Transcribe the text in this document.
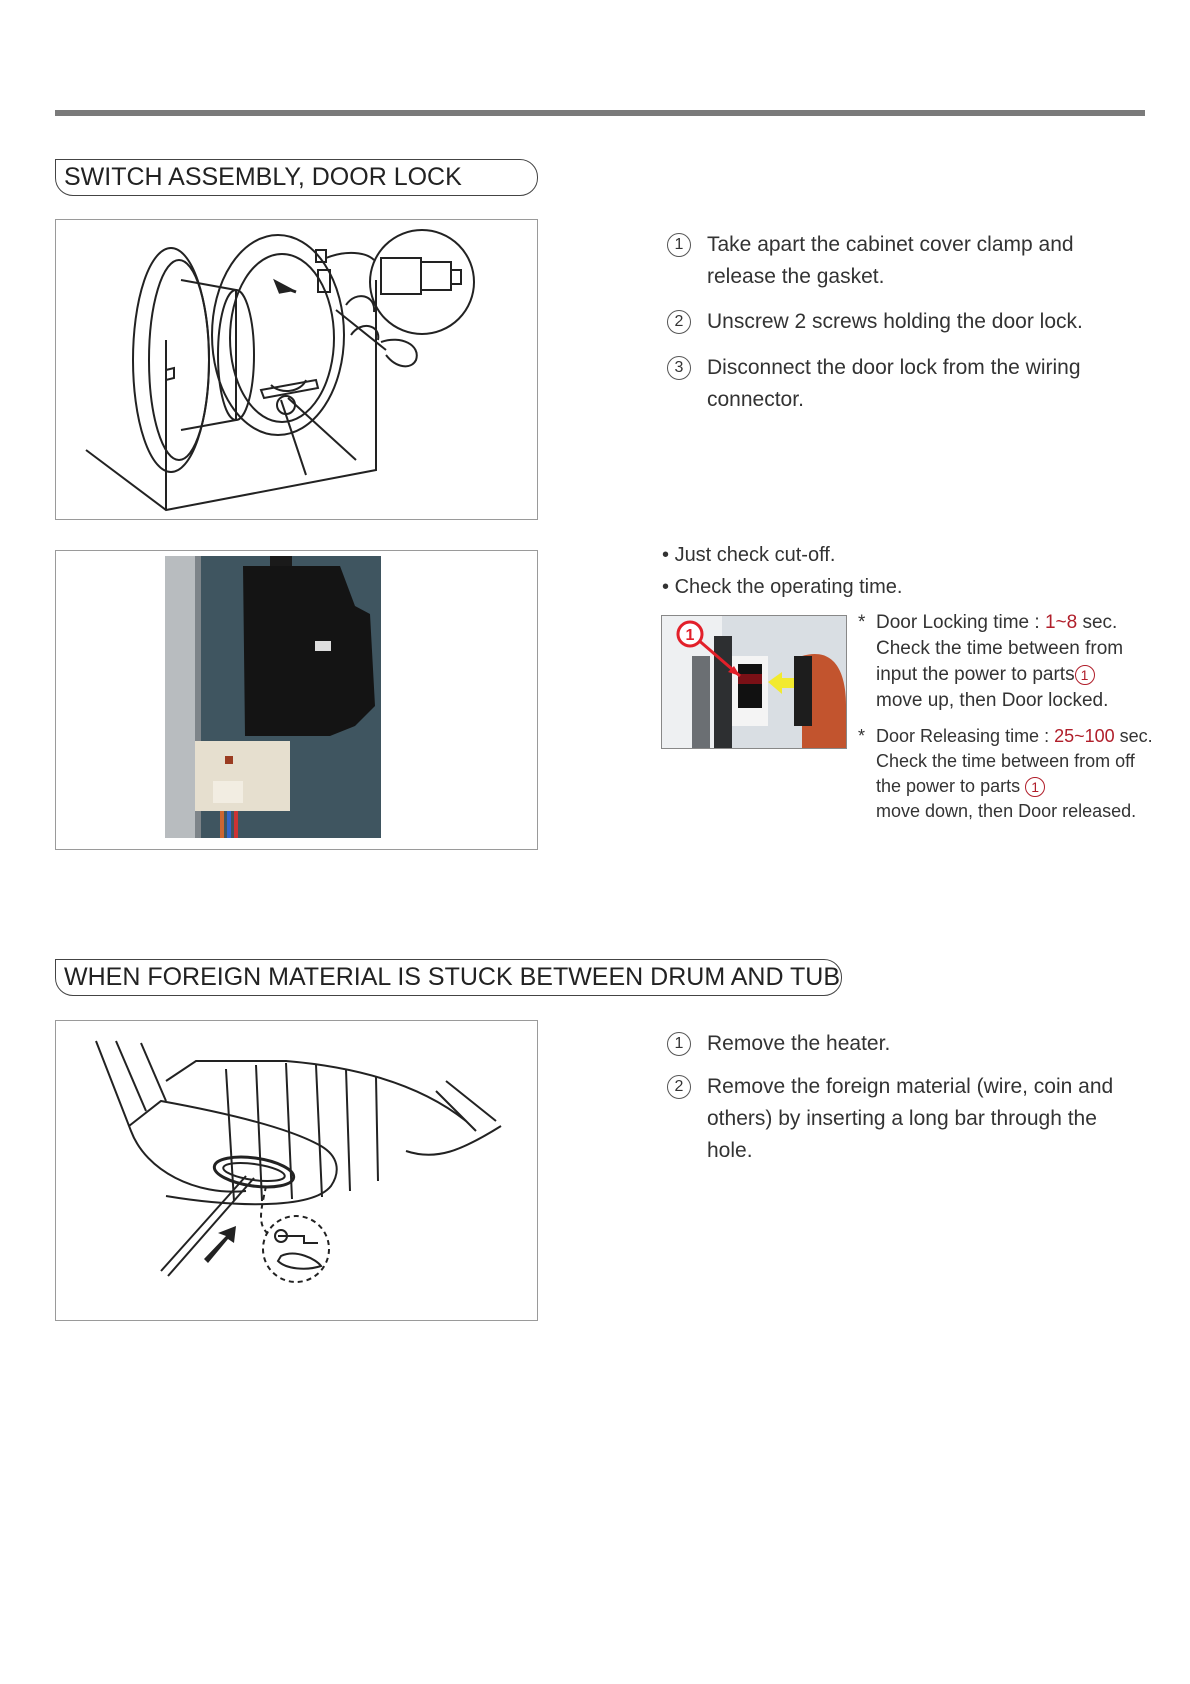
SWITCH ASSEMBLY, DOOR LOCK
1	Take apart the cabinet cover clamp and
release the gasket.
2	Unscrew 2 screws holding the door lock.
3	Disconnect the door lock from the wiring
connector.
• Just check cut-off.
• Check the operating time.
1
* Door Locking time : 1~8 sec.
Check the time between from
input the power to parts 1
move up, then Door locked.
* Door Releasing time : 25~100 sec.
Check the time between from off
the power to parts 1
move down, then Door released.
WHEN FOREIGN MATERIAL IS STUCK BETWEEN DRUM AND TUB
1	Remove the heater.
2	Remove the foreign material (wire, coin and
others) by inserting a long bar through the
hole.
